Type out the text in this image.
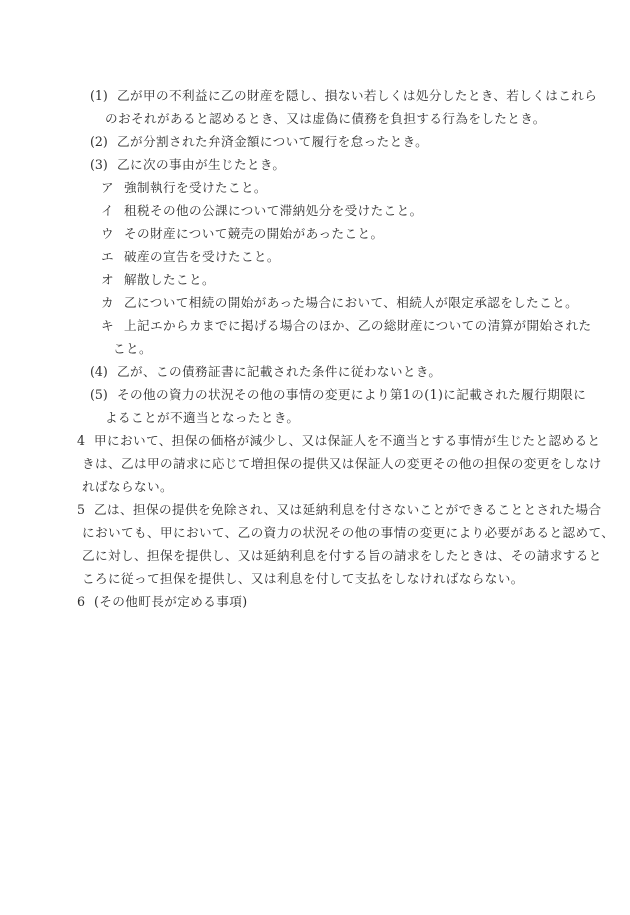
(1) 乙が甲の不利益に乙の財産を隠し、損ない若しくは処分したとき、若しくはこれら
のおそれがあると認めるとき、又は虚偽に債務を負担する行為をしたとき。
(2) 乙が分割された弁済金額について履行を怠ったとき。
(3) 乙に次の事由が生じたとき。
ア 強制執行を受けたこと。
イ 租税その他の公課について滞納処分を受けたこと。
ウ その財産について競売の開始があったこと。
エ 破産の宣告を受けたこと。
オ 解散したこと。
カ 乙について相続の開始があった場合において、相続人が限定承認をしたこと。
キ 上記エからカまでに掲げる場合のほか、乙の総財産についての清算が開始された
こと。
(4) 乙が、この債務証書に記載された条件に従わないとき。
(5) その他の資力の状況その他の事情の変更により第1の(1)に記載された履行期限に
よることが不適当となったとき。
4 甲において、担保の価格が減少し、又は保証人を不適当とする事情が生じたと認めると
きは、乙は甲の請求に応じて増担保の提供又は保証人の変更その他の担保の変更をしなけ
ればならない。
5 乙は、担保の提供を免除され、又は延納利息を付さないことができることとされた場合
においても、甲において、乙の資力の状況その他の事情の変更により必要があると認めて、
乙に対し、担保を提供し、又は延納利息を付する旨の請求をしたときは、その請求すると
ころに従って担保を提供し、又は利息を付して支払をしなければならない。
6 (その他町長が定める事項)
